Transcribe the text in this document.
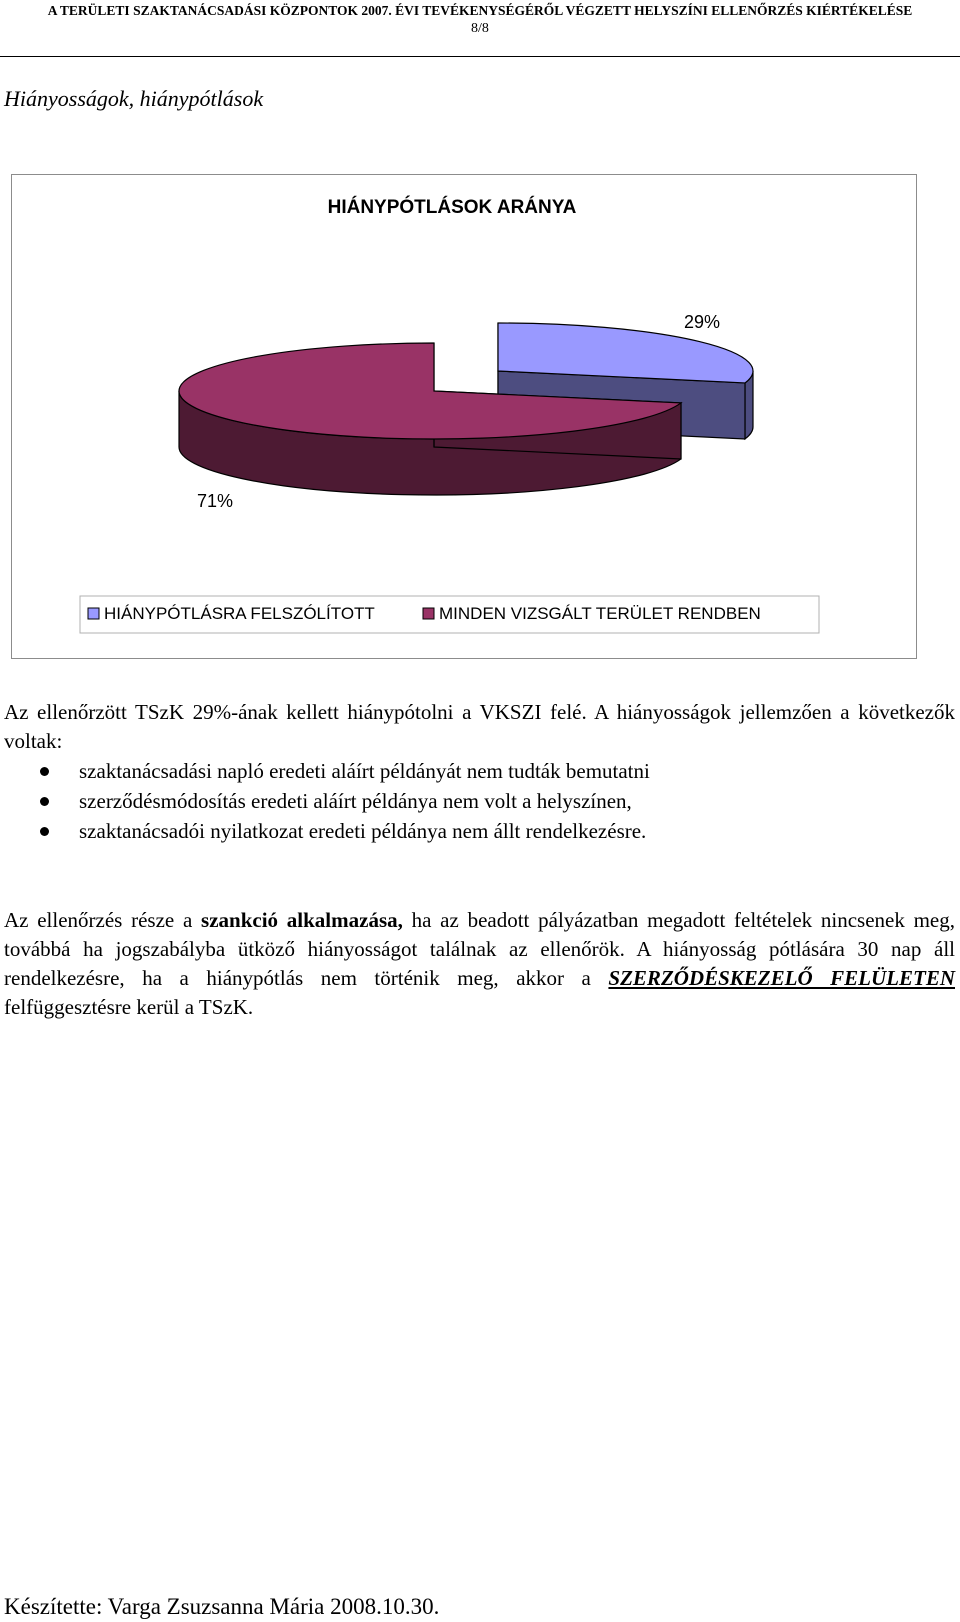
A TERÜLETI SZAKTANÁCSADÁSI KÖZPONTOK 2007. ÉVI TEVÉKENYSÉGÉRŐL VÉGZETT HELYSZÍNI ELLENŐRZÉS KIÉRTÉKELÉSE
8/8
Hiányosságok, hiánypótlások
HIÁNYPÓTLÁSOK ARÁNYA
29%
71%
HIÁNYPÓTLÁSRA FELSZÓLÍTOTT	MINDEN VIZSGÁLT TERÜLET RENDBEN
Az ellenőrzött TSzK 29%-ának kellett hiánypótolni a VKSZI felé. A hiányosságok jellemzően a következők voltak:
szaktanácsadási napló eredeti aláírt példányát nem tudták bemutatni
szerződésmódosítás eredeti aláírt példánya nem volt a helyszínen,
szaktanácsadói nyilatkozat eredeti példánya nem állt rendelkezésre.
Az ellenőrzés része a szankció alkalmazása, ha az beadott pályázatban megadott feltételek nincsenek meg, továbbá ha jogszabályba ütköző hiányosságot találnak az ellenőrök. A hiányosság pótlására 30 nap áll rendelkezésre, ha a hiánypótlás nem történik meg, akkor a SZERZŐDÉSKEZELŐ FELÜLETEN felfüggesztésre kerül a TSzK.
Készítette: Varga Zsuzsanna Mária 2008.10.30.
